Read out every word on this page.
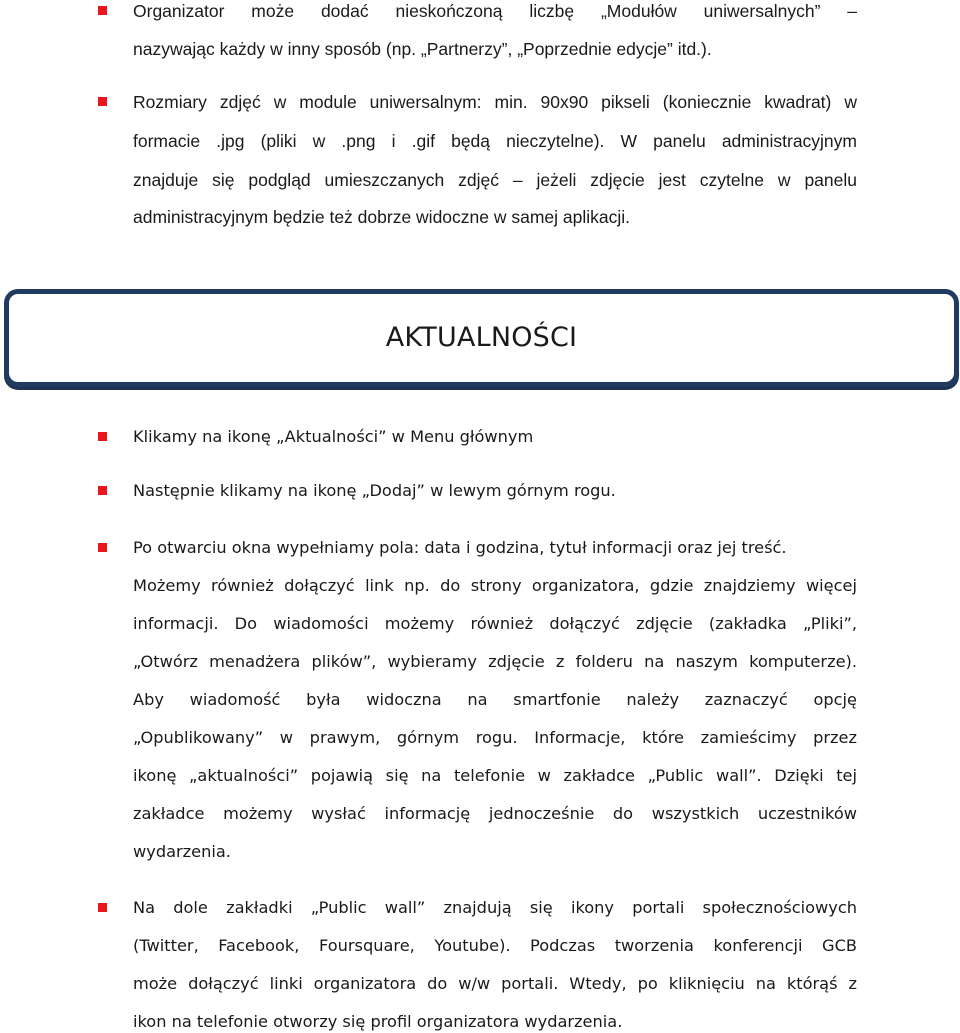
Organizator może dodać nieskończoną liczbę „Modułów uniwersalnych” –
nazywając każdy w inny sposób (np. „Partnerzy”, „Poprzednie edycje” itd.).
Rozmiary zdjęć w module uniwersalnym: min. 90x90 pikseli (koniecznie kwadrat) w
formacie .jpg (pliki w .png i .gif będą nieczytelne). W panelu administracyjnym
znajduje się podgląd umieszczanych zdjęć – jeżeli zdjęcie jest czytelne w panelu
administracyjnym będzie też dobrze widoczne w samej aplikacji.
AKTUALNOŚCI
Klikamy na ikonę „Aktualności” w Menu głównym
Następnie klikamy na ikonę „Dodaj” w lewym górnym rogu.
Po otwarciu okna wypełniamy pola: data i godzina, tytuł informacji oraz jej treść.
Możemy również dołączyć link np. do strony organizatora, gdzie znajdziemy więcej
informacji. Do wiadomości możemy również dołączyć zdjęcie (zakładka „Pliki”,
„Otwórz menadżera plików”, wybieramy zdjęcie z folderu na naszym komputerze).
Aby wiadomość była widoczna na smartfonie należy zaznaczyć opcję
„Opublikowany” w prawym, górnym rogu. Informacje, które zamieścimy przez
ikonę „aktualności” pojawią się na telefonie w zakładce „Public wall”. Dzięki tej
zakładce możemy wysłać informację jednocześnie do wszystkich uczestników
wydarzenia.
Na dole zakładki „Public wall” znajdują się ikony portali społecznościowych
(Twitter, Facebook, Foursquare, Youtube). Podczas tworzenia konferencji GCB
może dołączyć linki organizatora do w/w portali. Wtedy, po kliknięciu na którąś z
ikon na telefonie otworzy się profil organizatora wydarzenia.
